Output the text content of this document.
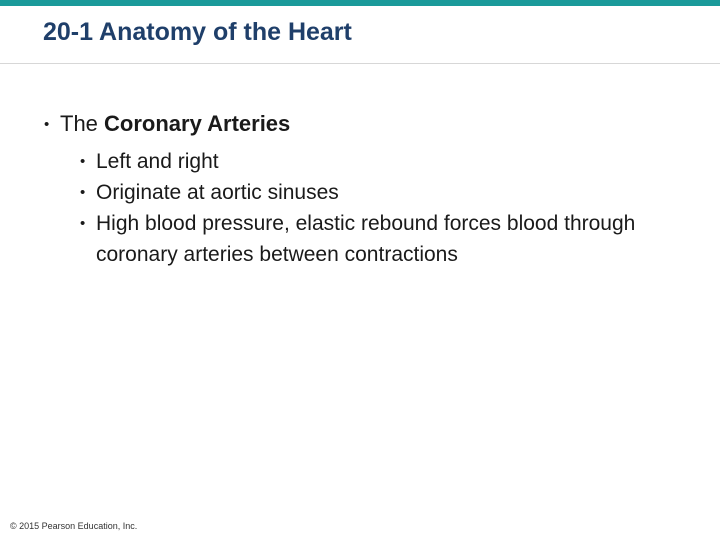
20-1 Anatomy of the Heart
• The Coronary Arteries
• Left and right
• Originate at aortic sinuses
• High blood pressure, elastic rebound forces blood through coronary arteries between contractions
© 2015 Pearson Education, Inc.
